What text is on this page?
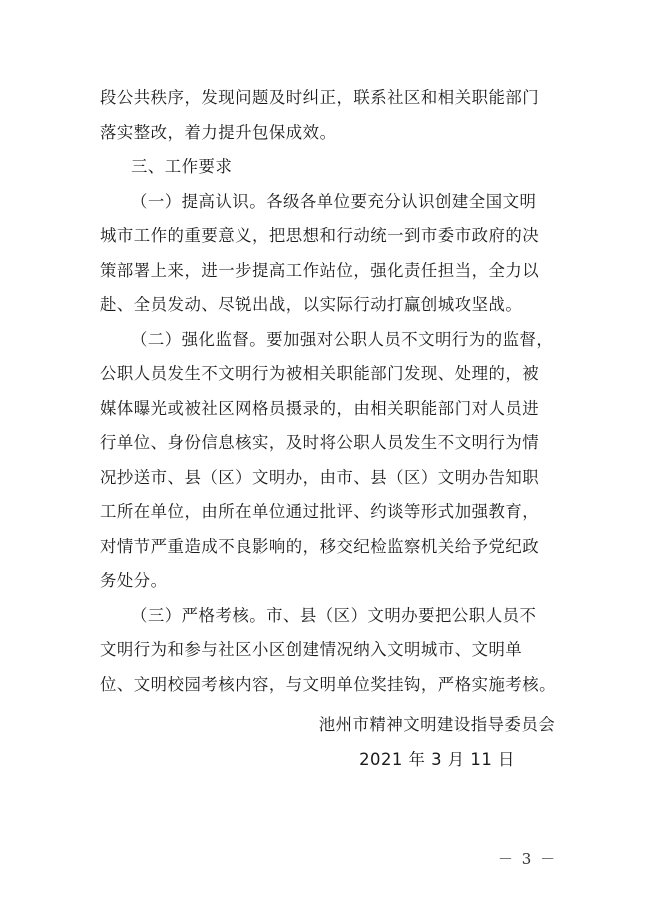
段公共秩序，发现问题及时纠正，联系社区和相关职能部门
落实整改，着力提升包保成效。
三、工作要求
（一）提高认识。各级各单位要充分认识创建全国文明
城市工作的重要意义，把思想和行动统一到市委市政府的决
策部署上来，进一步提高工作站位，强化责任担当，全力以
赴、全员发动、尽锐出战，以实际行动打赢创城攻坚战。
（二）强化监督。要加强对公职人员不文明行为的监督，
公职人员发生不文明行为被相关职能部门发现、处理的，被
媒体曝光或被社区网格员摄录的，由相关职能部门对人员进
行单位、身份信息核实，及时将公职人员发生不文明行为情
况抄送市、县（区）文明办，由市、县（区）文明办告知职
工所在单位，由所在单位通过批评、约谈等形式加强教育，
对情节严重造成不良影响的，移交纪检监察机关给予党纪政
务处分。
（三）严格考核。市、县（区）文明办要把公职人员不
文明行为和参与社区小区创建情况纳入文明城市、文明单
位、文明校园考核内容，与文明单位奖挂钩，严格实施考核。
池州市精神文明建设指导委员会
2021 年 3 月 11 日
－ 3 －
